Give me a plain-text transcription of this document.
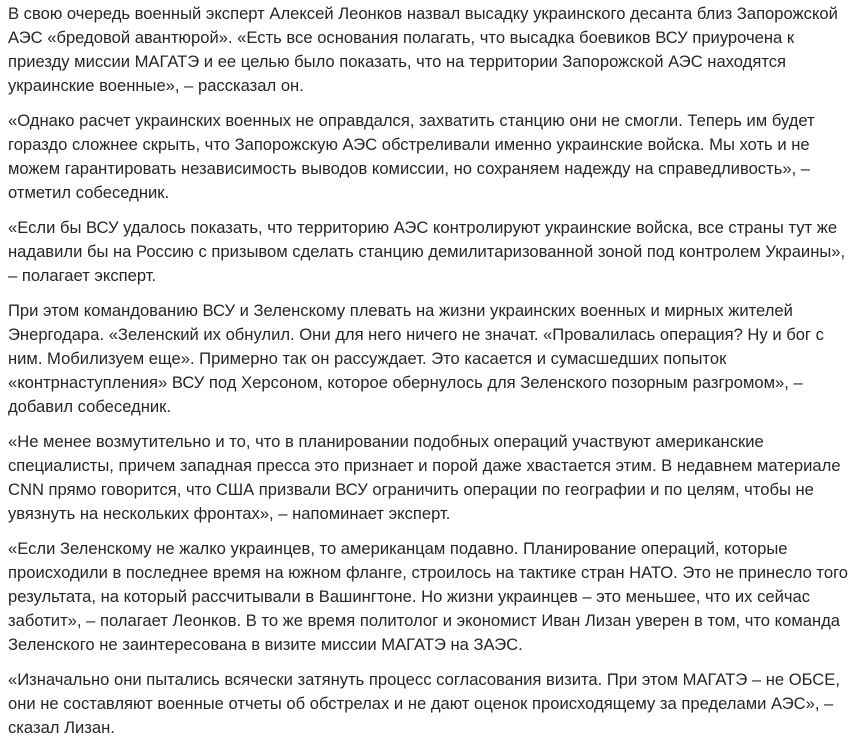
В свою очередь военный эксперт Алексей Леонков назвал высадку украинского десанта близ Запорожской АЭС «бредовой авантюрой». «Есть все основания полагать, что высадка боевиков ВСУ приурочена к приезду миссии МАГАТЭ и ее целью было показать, что на территории Запорожской АЭС находятся украинские военные», – рассказал он.

«Однако расчет украинских военных не оправдался, захватить станцию они не смогли. Теперь им будет гораздо сложнее скрыть, что Запорожскую АЭС обстреливали именно украинские войска. Мы хоть и не можем гарантировать независимость выводов комиссии, но сохраняем надежду на справедливость», – отметил собеседник.

«Если бы ВСУ удалось показать, что территорию АЭС контролируют украинские войска, все страны тут же надавили бы на Россию с призывом сделать станцию демилитаризованной зоной под контролем Украины», – полагает эксперт.

При этом командованию ВСУ и Зеленскому плевать на жизни украинских военных и мирных жителей Энергодара. «Зеленский их обнулил. Они для него ничего не значат. «Провалилась операция? Ну и бог с ним. Мобилизуем еще». Примерно так он рассуждает. Это касается и сумасшедших попыток «контрнаступления» ВСУ под Херсоном, которое обернулось для Зеленского позорным разгромом», – добавил собеседник.

«Не менее возмутительно и то, что в планировании подобных операций участвуют американские специалисты, причем западная пресса это признает и порой даже хвастается этим. В недавнем материале CNN прямо говорится, что США призвали ВСУ ограничить операции по географии и по целям, чтобы не увязнуть на нескольких фронтах», – напоминает эксперт.

«Если Зеленскому не жалко украинцев, то американцам подавно. Планирование операций, которые происходили в последнее время на южном фланге, строилось на тактике стран НАТО. Это не принесло того результата, на который рассчитывали в Вашингтоне. Но жизни украинцев – это меньшее, что их сейчас заботит», – полагает Леонков. В то же время политолог и экономист Иван Лизан уверен в том, что команда Зеленского не заинтересована в визите миссии МАГАТЭ на ЗАЭС.

«Изначально они пытались всячески затянуть процесс согласования визита. При этом МАГАТЭ – не ОБСЕ, они не составляют военные отчеты об обстрелах и не дают оценок происходящему за пределами АЭС», – сказал Лизан.
